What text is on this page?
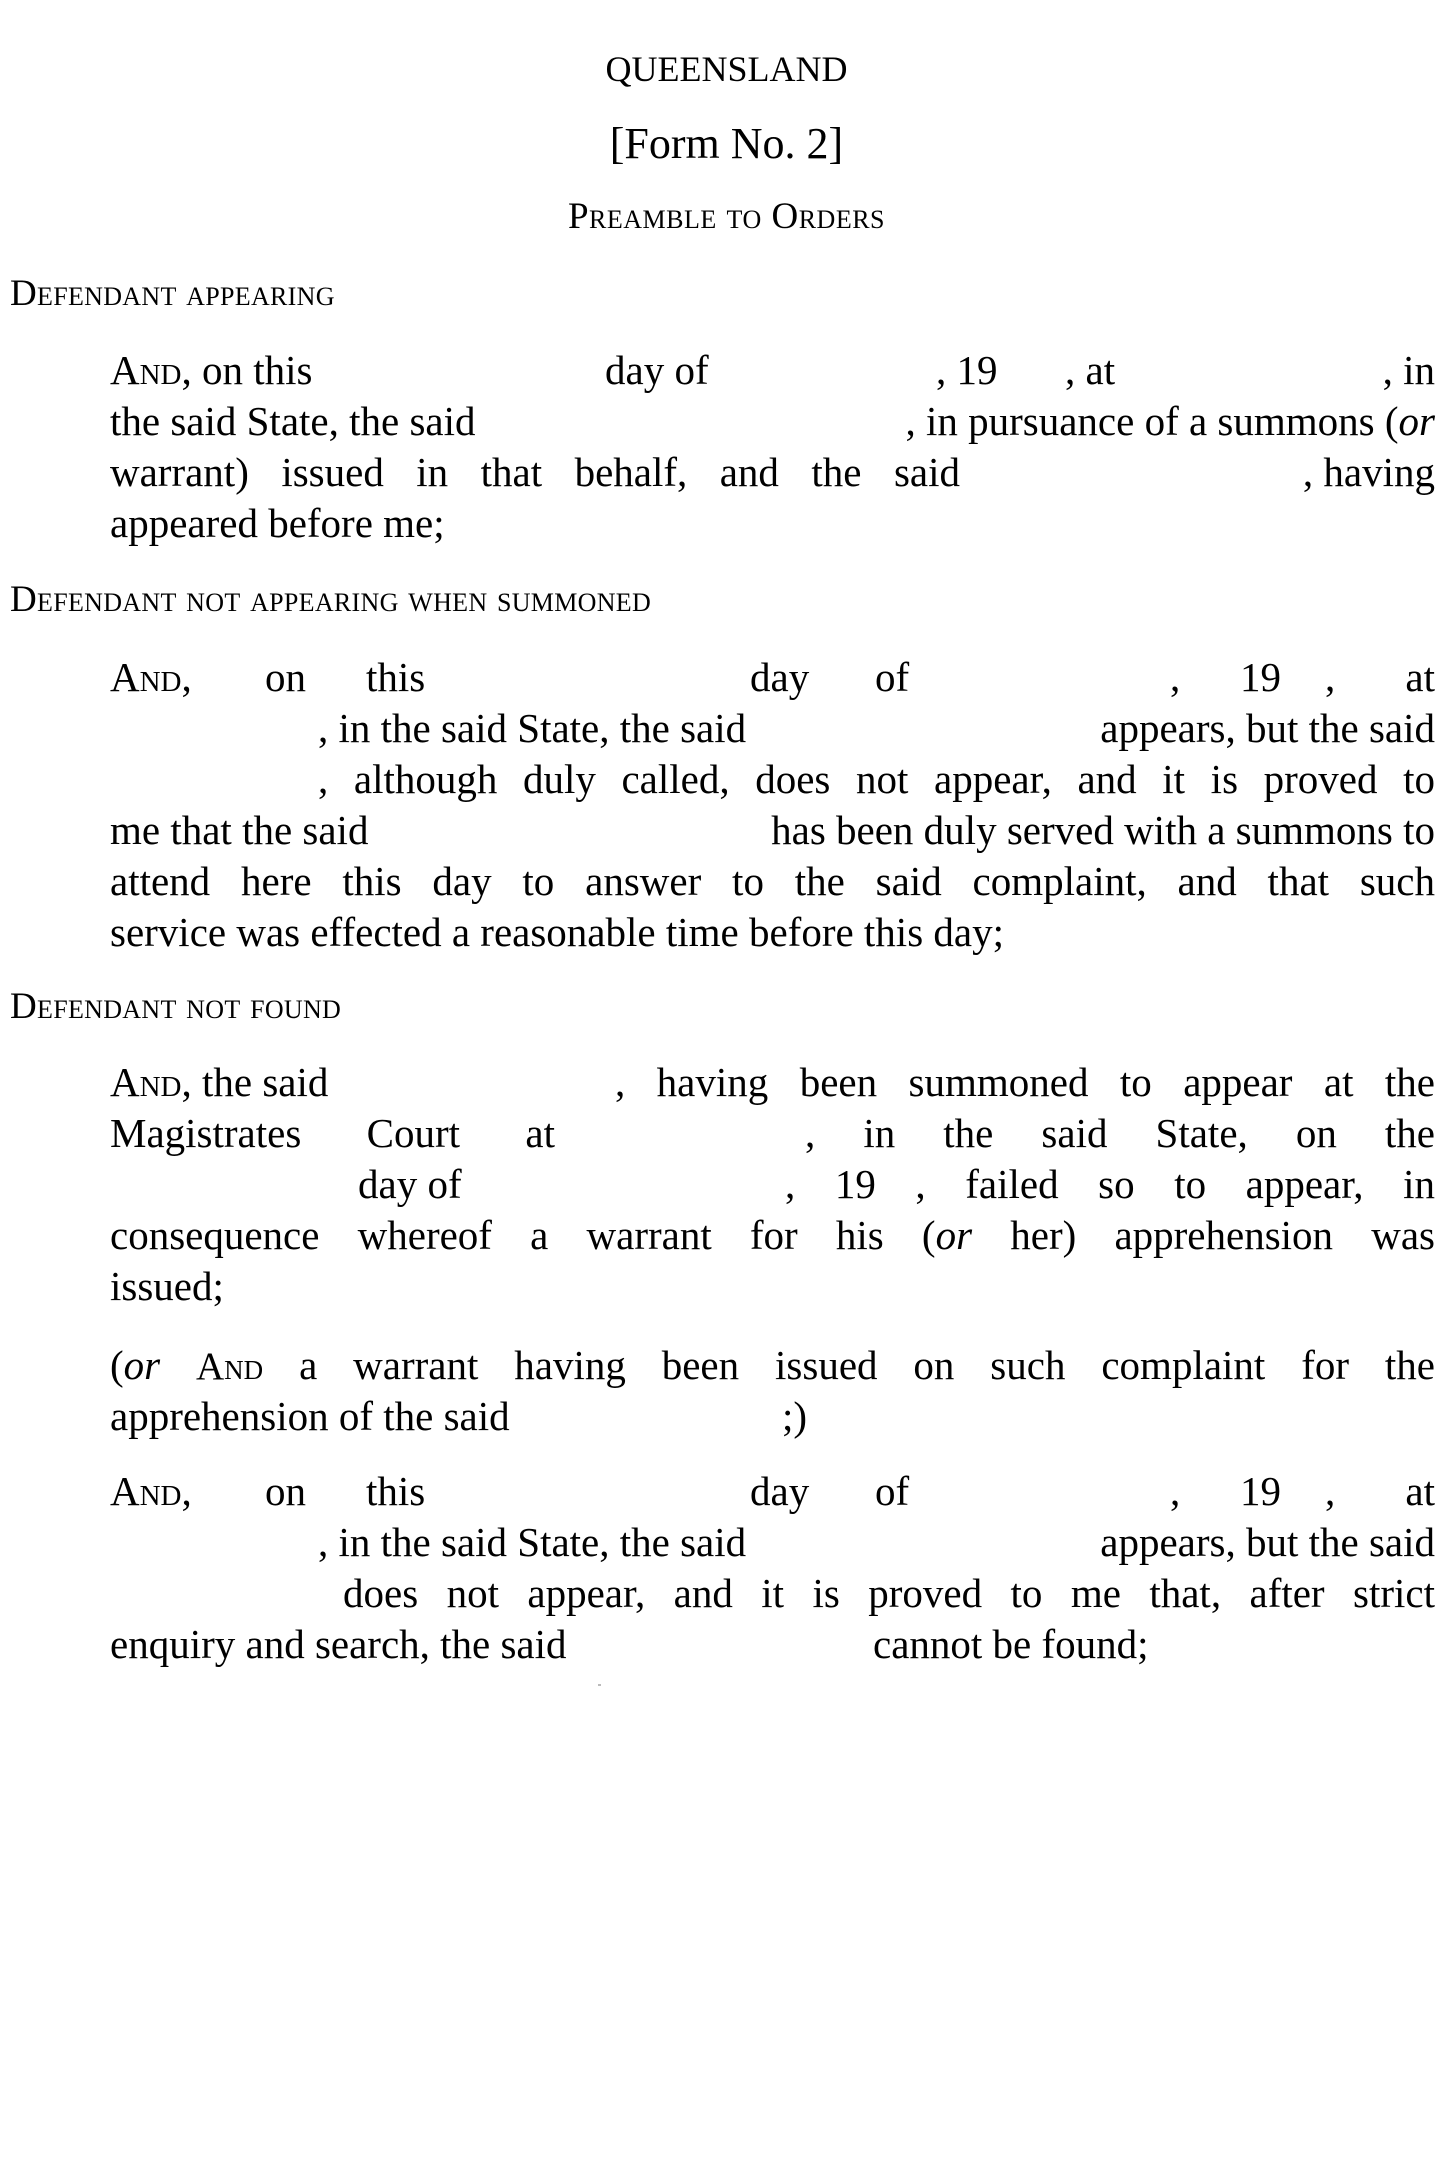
QUEENSLAND
[Form No. 2]
Preamble to Orders
Defendant appearing
And, on this	day of	, 19 , at	, in
the said State, the said	, in pursuance of a summons (or
warrant) issued in that behalf, and the said	, having
appeared before me;
Defendant not appearing when summoned
And, on this	day of	, 19 , at
, in the said State, the said	appears, but the said
, although duly called, does not appear, and it is proved to
me that the said	has been duly served with a summons to
attend here this day to answer to the said complaint, and that such
service was effected a reasonable time before this day;
Defendant not found
And, the said	, having been summoned to appear at the
Magistrates Court at	, in the said State, on the
day of	, 19 , failed so to appear, in
consequence whereof a warrant for his (or her) apprehension was
issued;
(or And a warrant having been issued on such complaint for the
apprehension of the said	;)
And, on this	day of	, 19 , at
, in the said State, the said	appears, but the said
does not appear, and it is proved to me that, after strict
enquiry and search, the said	cannot be found;
